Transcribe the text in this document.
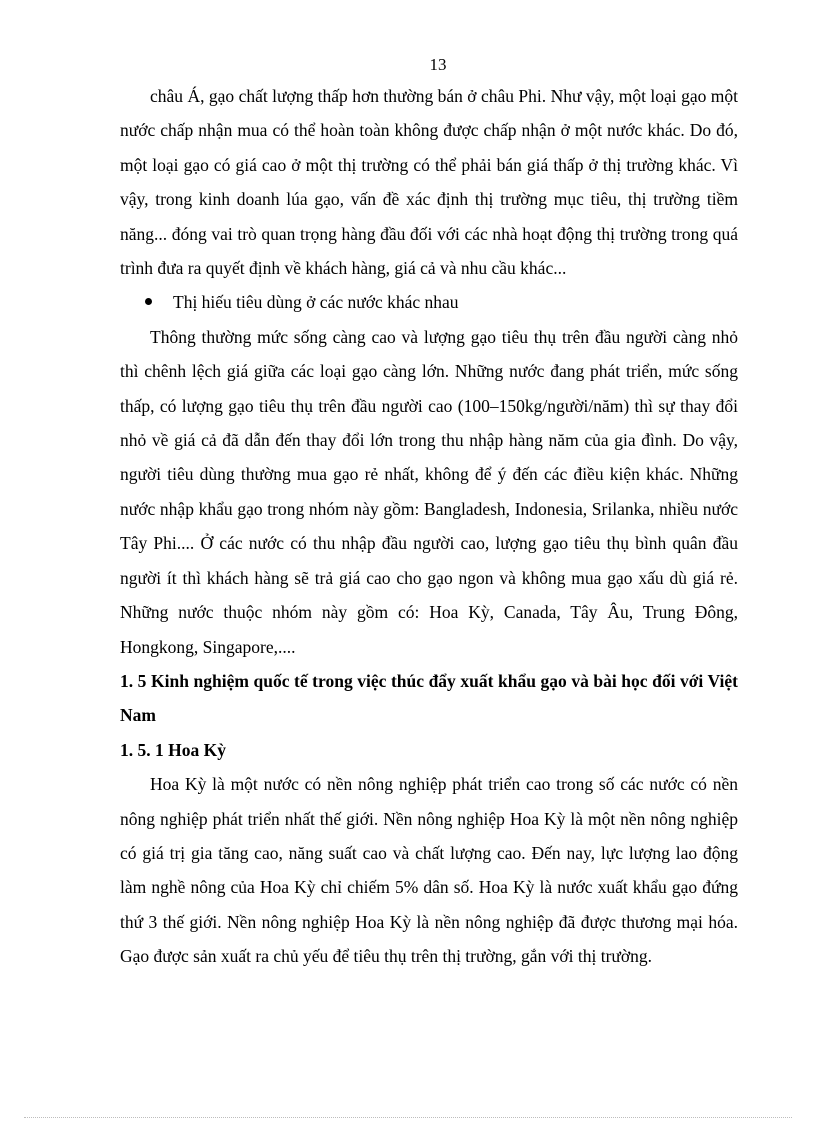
13

châu Á, gạo chất lượng thấp hơn thường bán ở châu Phi. Như vậy, một loại gạo một nước chấp nhận mua có thể hoàn toàn không được chấp nhận ở một nước khác. Do đó, một loại gạo có giá cao ở một thị trường có thể phải bán giá thấp ở thị trường khác. Vì vậy, trong kinh doanh lúa gạo, vấn đề xác định thị trường mục tiêu, thị trường tiềm năng... đóng vai trò quan trọng hàng đầu đối với các nhà hoạt động thị trường trong quá trình đưa ra quyết định về khách hàng, giá cả và nhu cầu khác...

Thị hiếu tiêu dùng ở các nước khác nhau

Thông thường mức sống càng cao và lượng gạo tiêu thụ trên đầu người càng nhỏ thì chênh lệch giá giữa các loại gạo càng lớn. Những nước đang phát triển, mức sống thấp, có lượng gạo tiêu thụ trên đầu người cao (100–150kg/người/năm) thì sự thay đổi nhỏ về giá cả đã dẫn đến thay đổi lớn trong thu nhập hàng năm của gia đình. Do vậy, người tiêu dùng thường mua gạo rẻ nhất, không để ý đến các điều kiện khác. Những nước nhập khẩu gạo trong nhóm này gồm: Bangladesh, Indonesia, Srilanka, nhiều nước Tây Phi.... Ở các nước có thu nhập đầu người cao, lượng gạo tiêu thụ bình quân đầu người ít thì khách hàng sẽ trả giá cao cho gạo ngon và không mua gạo xấu dù giá rẻ. Những nước thuộc nhóm này gồm có: Hoa Kỳ, Canada, Tây Âu, Trung Đông, Hongkong, Singapore,....

1. 5 Kinh nghiệm quốc tế trong việc thúc đẩy xuất khẩu gạo và bài học đối với Việt Nam

1. 5. 1 Hoa Kỳ

Hoa Kỳ là một nước có nền nông nghiệp phát triển cao trong số các nước có nền nông nghiệp phát triển nhất thế giới. Nền nông nghiệp Hoa Kỳ là một nền nông nghiệp có giá trị gia tăng cao, năng suất cao và chất lượng cao. Đến nay, lực lượng lao động làm nghề nông của Hoa Kỳ chỉ chiếm 5% dân số. Hoa Kỳ là nước xuất khẩu gạo đứng thứ 3 thế giới. Nền nông nghiệp Hoa Kỳ là nền nông nghiệp đã được thương mại hóa. Gạo được sản xuất ra chủ yếu để tiêu thụ trên thị trường, gắn với thị trường.
